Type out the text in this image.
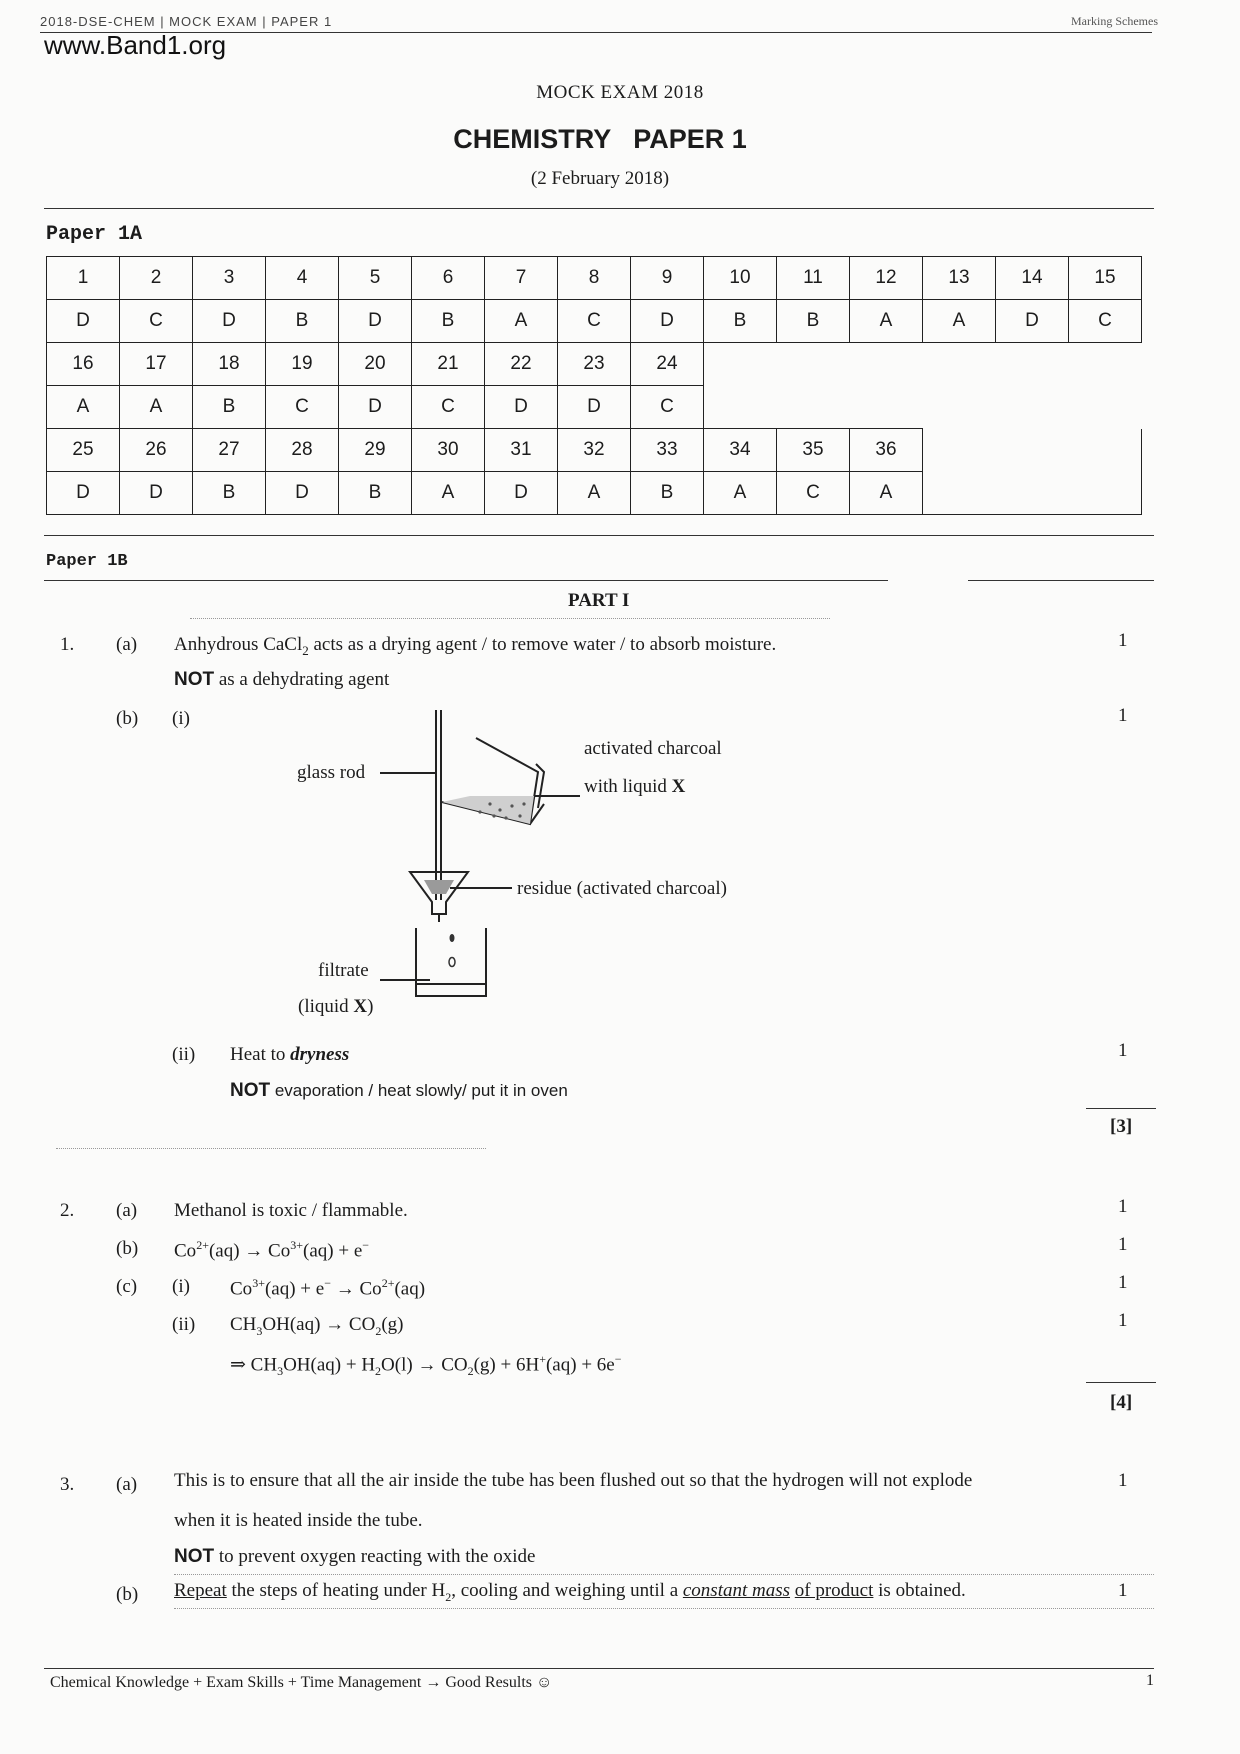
2018-DSE-CHEM | MOCK EXAM | PAPER 1	Marking Schemes
www.Band1.org
MOCK EXAM 2018
CHEMISTRY   PAPER 1
(2 February 2018)
Paper 1A
1	2	3	4	5	6	7	8	9	10	11	12	13	14	15
D	C	D	B	D	B	A	C	D	B	B	A	A	D	C
16	17	18	19	20	21	22	23	24						
A	A	B	C	D	C	D	D	C						
25	26	27	28	29	30	31	32	33	34	35	36			
D	D	B	D	B	A	D	A	B	A	C	A			
Paper 1B
PART I
1. (a) Anhydrous CaCl$_2$ acts as a drying agent / to remove water / to absorb moisture.	1
NOT as a dehydrating agent
(b) (i)	1
glass rod
activated charcoal
with liquid X
residue (activated charcoal)
filtrate
(liquid X)
(ii) Heat to dryness	1
NOT evaporation / heat slowly/ put it in oven
[3]
2. (a) Methanol is toxic / flammable.	1
(b) $Co^{2+}(aq) \to Co^{3+}(aq) + e^-$	1
(c) (i) $Co^{3+}(aq) + e^- \to Co^{2+}(aq)$	1
(ii) $CH_3OH(aq) \to CO_2(g)$	1
⇒ $CH_3OH(aq) + H_2O(l) \to CO_2(g) + 6H^+(aq) + 6e^-$
[4]
3. (a) This is to ensure that all the air inside the tube has been flushed out so that the hydrogen will not explode	1
when it is heated inside the tube.
NOT to prevent oxygen reacting with the oxide
(b) Repeat the steps of heating under $H_2$, cooling and weighing until a constant mass of product is obtained.	1
Chemical Knowledge + Exam Skills + Time Management → Good Results ☺	1
